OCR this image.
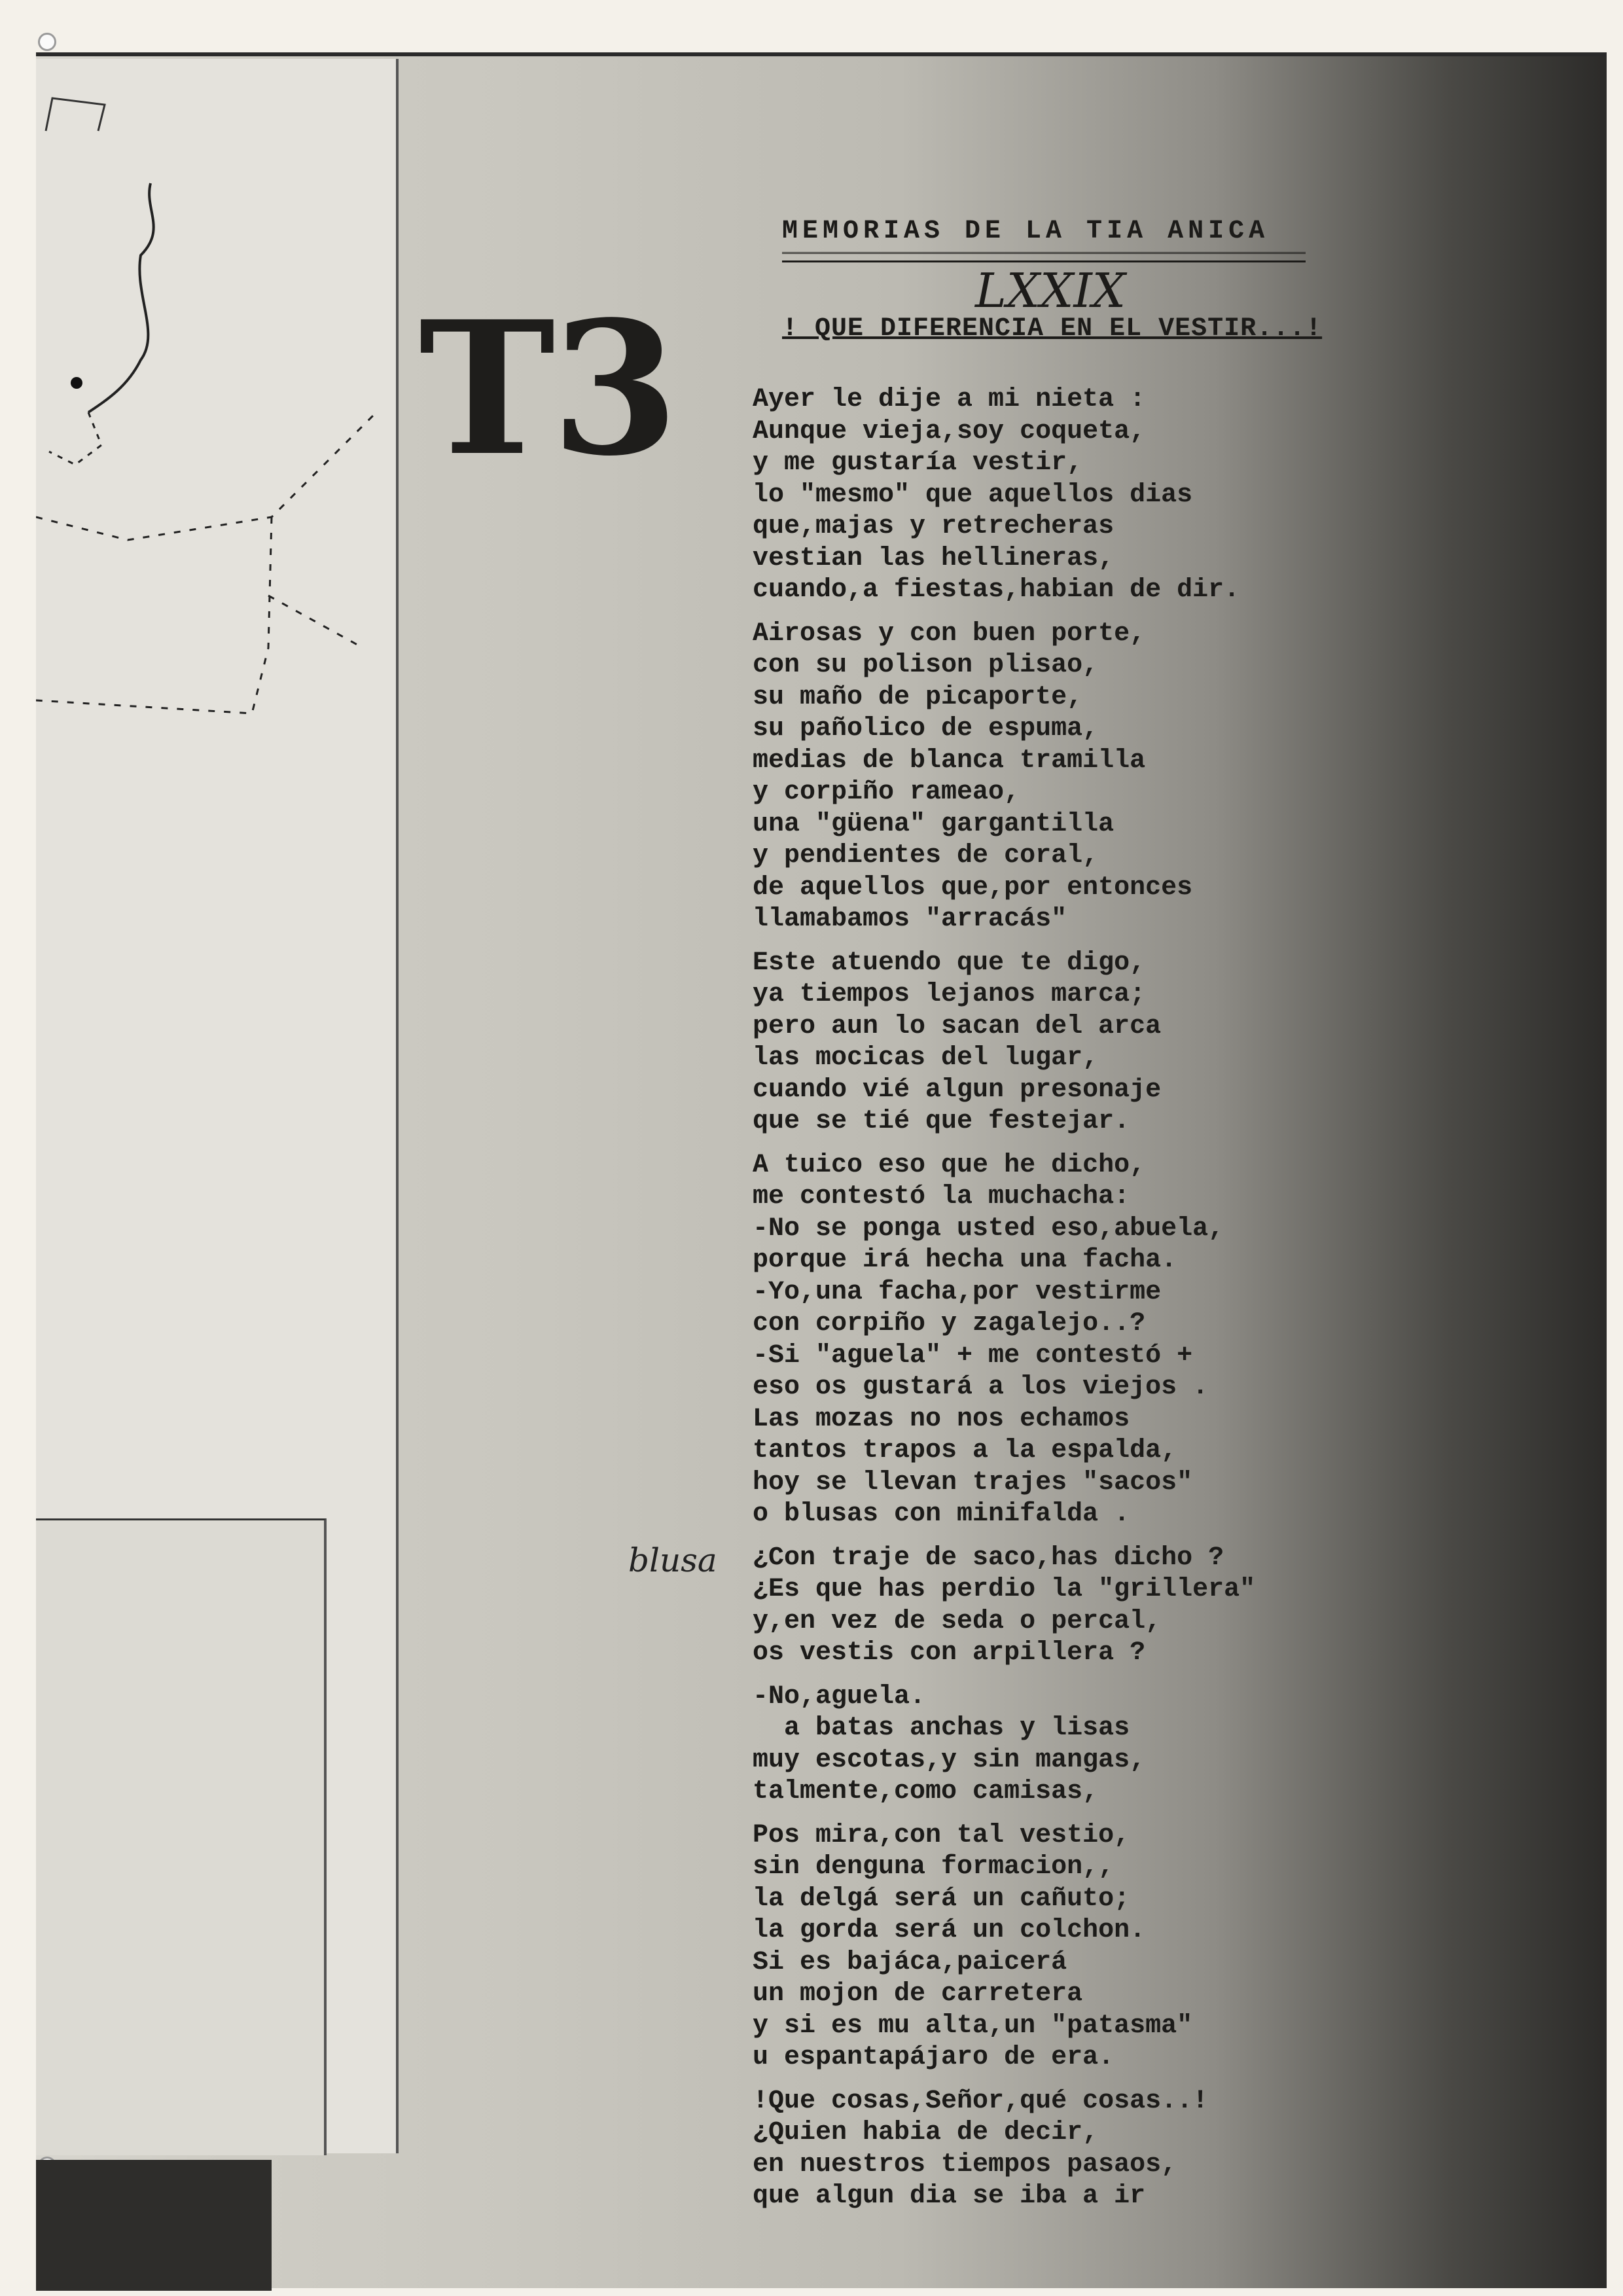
T3
MEMORIAS DE LA TIA ANICA
LXXIX
! QUE DIFERENCIA EN EL VESTIR...!
Ayer le dije a mi nieta :
Aunque vieja,soy coqueta,
y me gustaría vestir,
lo "mesmo" que aquellos dias
que,majas y retrecheras
vestian las hellineras,
cuando,a fiestas,habian de dir.
Airosas y con buen porte,
con su polison plisao,
su maño de picaporte,
su pañolico de espuma,
medias de blanca tramilla
y corpiño rameao,
una "güena" gargantilla
y pendientes de coral,
de aquellos que,por entonces
llamabamos "arracás"
Este atuendo que te digo,
ya tiempos lejanos marca;
pero aun lo sacan del arca
las mocicas del lugar,
cuando vié algun presonaje
que se tié que festejar.
A tuico eso que he dicho,
me contestó la muchacha:
-No se ponga usted eso,abuela,
porque irá hecha una facha.
-Yo,una facha,por vestirme
con corpiño y zagalejo..?
-Si "aguela" + me contestó +
eso os gustará a los viejos .
Las mozas no nos echamos
tantos trapos a la espalda,
hoy se llevan trajes "sacos"
o blusas con minifalda .
¿Con traje de saco,has dicho ?
¿Es que has perdio la "grillera"
y,en vez de seda o percal,
os vestis con arpillera ?
-No,aguela.
a batas anchas y lisas
muy escotas,y sin mangas,
talmente,como camisas,
Pos mira,con tal vestio,
sin denguna formacion,,
la delgá será un cañuto;
la gorda será un colchon.
Si es bajáca,paicerá
un mojon de carretera
y si es mu alta,un "patasma"
u espantapájaro de era.
!Que cosas,Señor,qué cosas..!
¿Quien habia de decir,
en nuestros tiempos pasaos,
que algun dia se iba a ir
blusa
